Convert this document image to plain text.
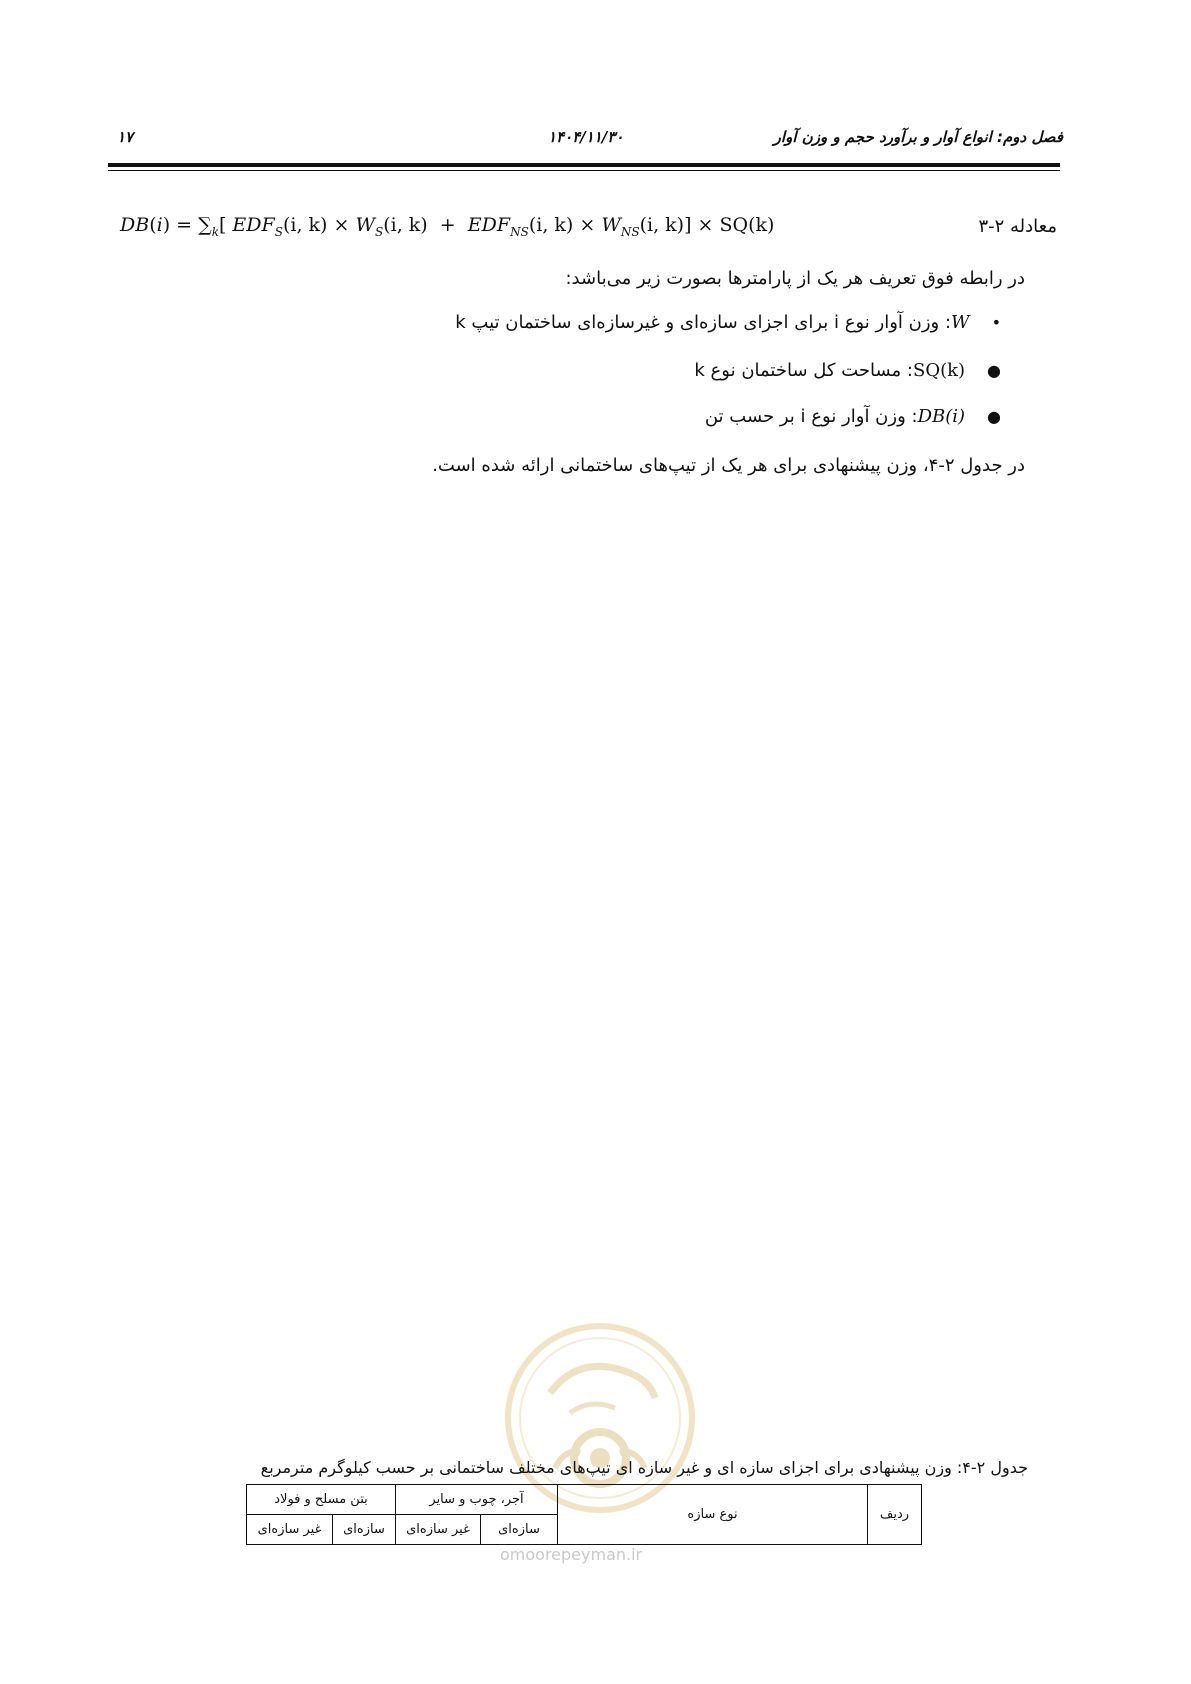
فصل دوم: انواع آوار و برآورد حجم و وزن آوار
۱۴۰۴/۱۱/۳۰
۱۷
معادله ۲-۳
$DB(i) = \sum_k$[ $EDF_S(i$, $k) \times W_S(i$, $k) + EDF_{NS}(i$, $k) \times W_{NS}(i$, k)] × SQ(k)
در رابطه فوق تعریف هر یک از پارامترها بصورت زیر می‌باشد:
•W: وزن آوار نوع i برای اجزای سازه‌ای و غیرسازه‌ای ساختمان تیپ k
●SQ(k): مساحت کل ساختمان نوع k
●DB(i): وزن آوار نوع i بر حسب تن
در جدول ۲-۴، وزن پیشنهادی برای هر یک از تیپ‌های ساختمانی ارائه شده است.
omoorepeyman.ir
جدول ۲-۴: وزن پیشنهادی برای اجزای سازه ای و غیر سازه ای تیپ‌های مختلف ساختمانی بر حسب کیلوگرم مترمربع
ردیف	نوع سازه	آجر، چوب و سایر		بتن مسلح و فولاد	
		سازه‌ای	غیر سازه‌ای	سازه‌ای	غیر سازه‌ای
